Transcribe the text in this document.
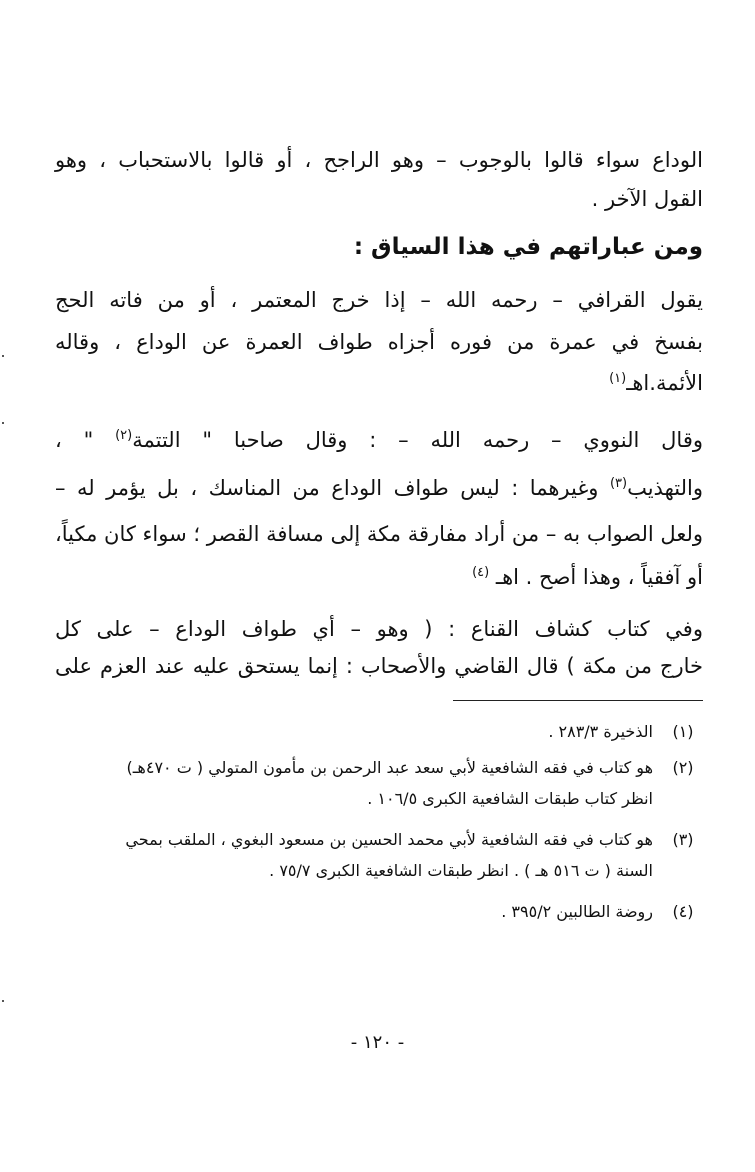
الوداع سواء قالوا بالوجوب – وهو الراجح ، أو قالوا بالاستحباب ، وهو
القول الآخر .
ومن عباراتهم في هذا السياق :
يقول القرافي – رحمه الله – إذا خرج المعتمر ، أو من فاته الحج
بفسخ في عمرة من فوره أجزاه طواف العمرة عن الوداع ، وقاله
الأئمة.اهـ$^{(١)}$
وقال النووي – رحمه الله – : وقال صاحبا " التتمة$^{(٢)}$ " ،
والتهذيب$^{(٣)}$ وغيرهما : ليس طواف الوداع من المناسك ، بل يؤمر له –
ولعل الصواب به – من أراد مفارقة مكة إلى مسافة القصر ؛ سواء كان مكياً،
أو آفقياً ، وهذا أصح . اهـ $^{(٤)}$
وفي كتاب كشاف القناع : ( وهو – أي طواف الوداع – على كل
خارج من مكة ) قال القاضي والأصحاب : إنما يستحق عليه عند العزم على
(١)
الذخيرة ٢٨٣/٣ .
(٢)
هو كتاب في فقه الشافعية لأبي سعد عبد الرحمن بن مأمون المتولي ( ت ٤٧٠هـ)
انظر كتاب طبقات الشافعية الكبرى ١٠٦/٥ .
(٣)
هو كتاب في فقه الشافعية لأبي محمد الحسين بن مسعود البغوي ، الملقب بمحي
السنة ( ت ٥١٦ هـ ) . انظر طبقات الشافعية الكبرى ٧٥/٧ .
(٤)
روضة الطالبين ٣٩٥/٢ .
- ١٢٠ -
